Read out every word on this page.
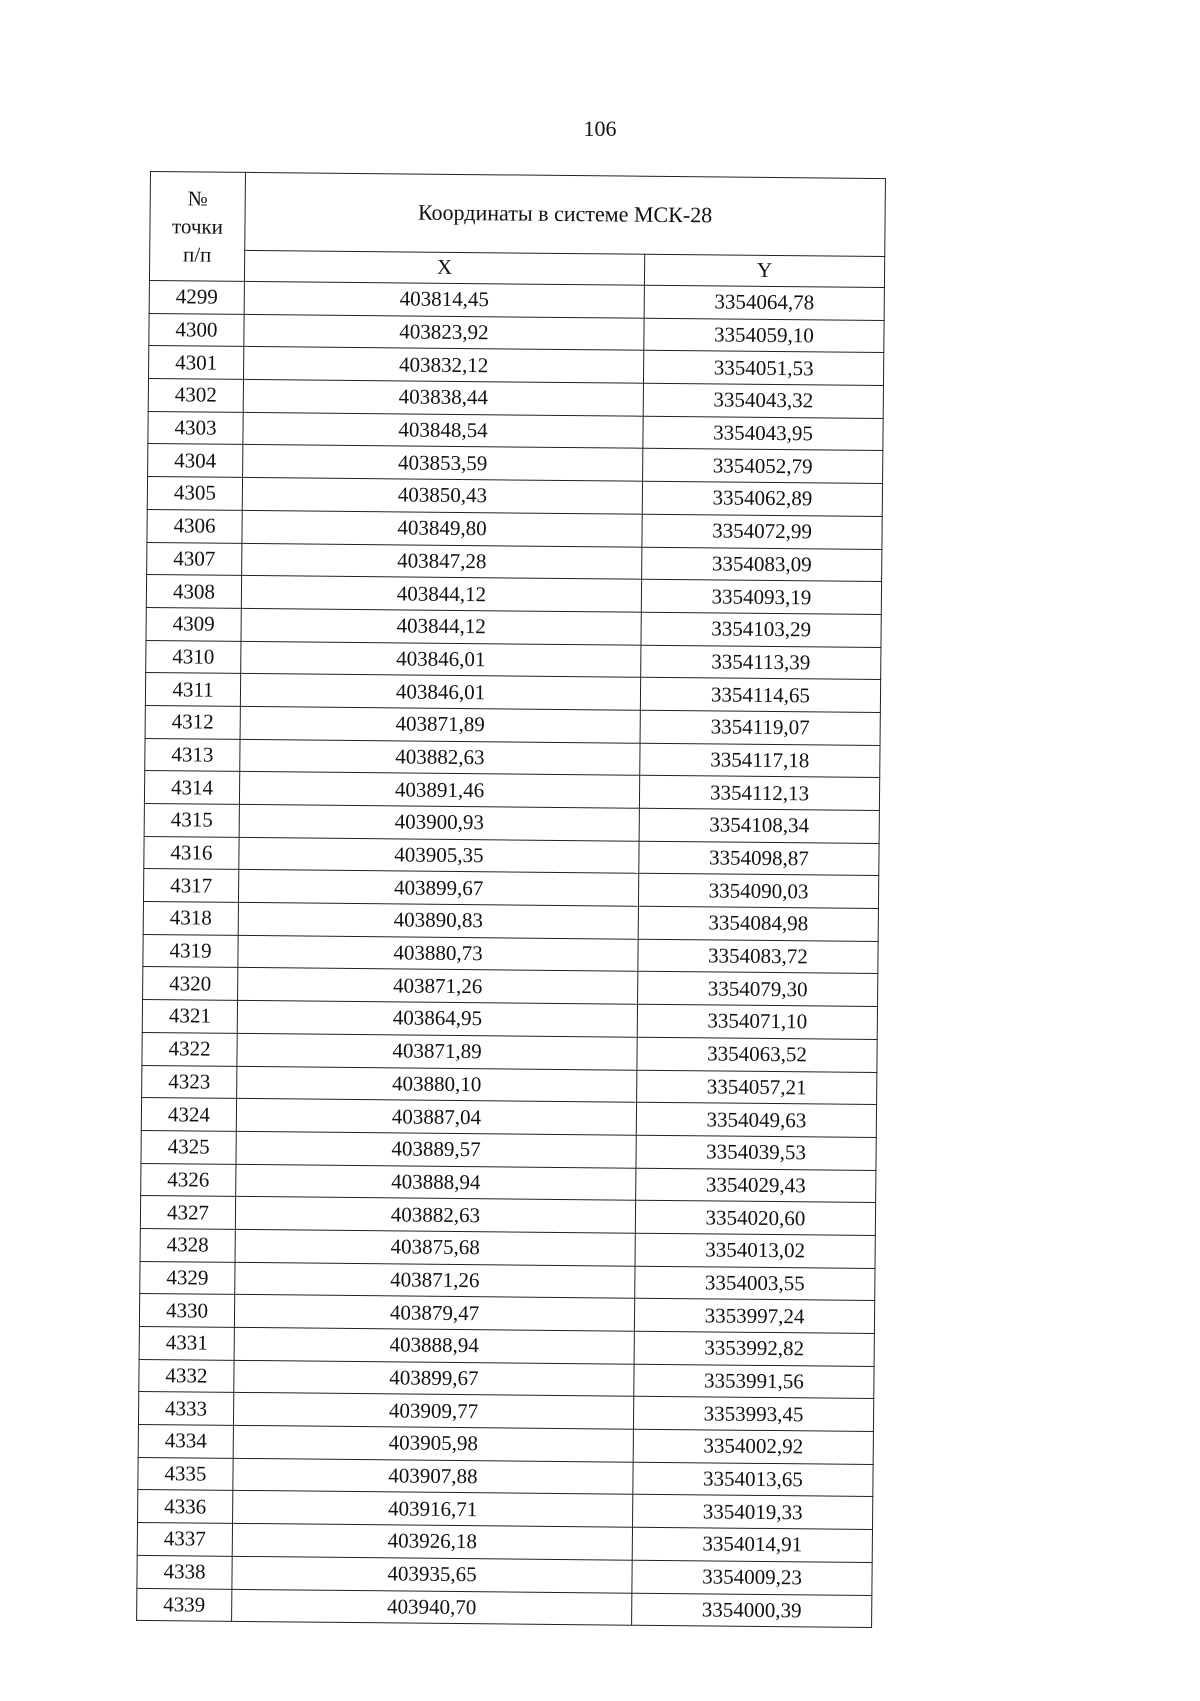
106
№
точки
п/п	Координаты в системе МСК-28	
	X	Y
4299	403814,45	3354064,78
4300	403823,92	3354059,10
4301	403832,12	3354051,53
4302	403838,44	3354043,32
4303	403848,54	3354043,95
4304	403853,59	3354052,79
4305	403850,43	3354062,89
4306	403849,80	3354072,99
4307	403847,28	3354083,09
4308	403844,12	3354093,19
4309	403844,12	3354103,29
4310	403846,01	3354113,39
4311	403846,01	3354114,65
4312	403871,89	3354119,07
4313	403882,63	3354117,18
4314	403891,46	3354112,13
4315	403900,93	3354108,34
4316	403905,35	3354098,87
4317	403899,67	3354090,03
4318	403890,83	3354084,98
4319	403880,73	3354083,72
4320	403871,26	3354079,30
4321	403864,95	3354071,10
4322	403871,89	3354063,52
4323	403880,10	3354057,21
4324	403887,04	3354049,63
4325	403889,57	3354039,53
4326	403888,94	3354029,43
4327	403882,63	3354020,60
4328	403875,68	3354013,02
4329	403871,26	3354003,55
4330	403879,47	3353997,24
4331	403888,94	3353992,82
4332	403899,67	3353991,56
4333	403909,77	3353993,45
4334	403905,98	3354002,92
4335	403907,88	3354013,65
4336	403916,71	3354019,33
4337	403926,18	3354014,91
4338	403935,65	3354009,23
4339	403940,70	3354000,39
